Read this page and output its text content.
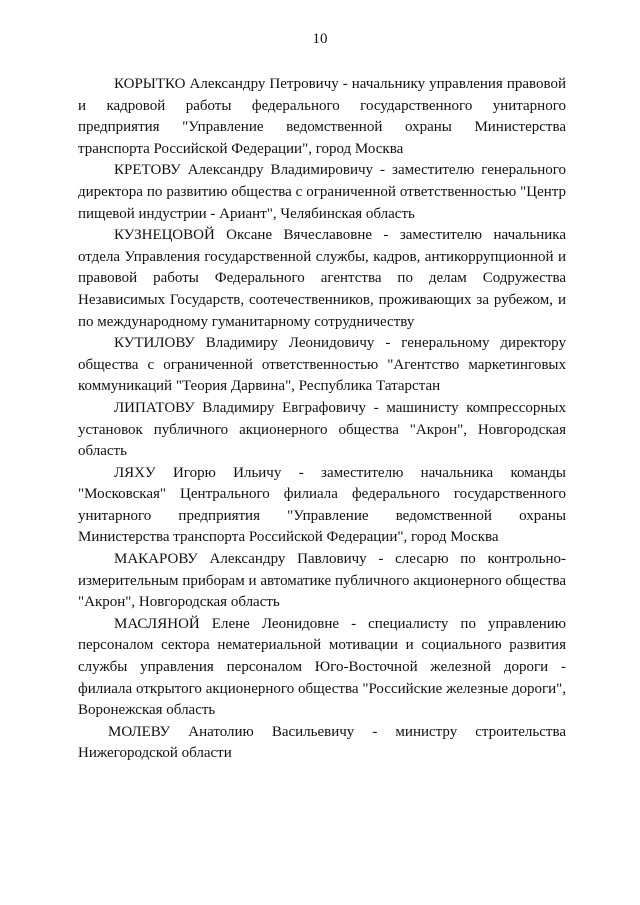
10

КОРЫТКО Александру Петровичу - начальнику управления правовой и кадровой работы федерального государственного унитарного предприятия "Управление ведомственной охраны Министерства транспорта Российской Федерации", город Москва

КРЕТОВУ Александру Владимировичу - заместителю генерального директора по развитию общества с ограниченной ответственностью "Центр пищевой индустрии - Ариант", Челябинская область

КУЗНЕЦОВОЙ Оксане Вячеславовне - заместителю начальника отдела Управления государственной службы, кадров, антикоррупционной и правовой работы Федерального агентства по делам Содружества Независимых Государств, соотечественников, проживающих за рубежом, и по международному гуманитарному сотрудничеству

КУТИЛОВУ Владимиру Леонидовичу - генеральному директору общества с ограниченной ответственностью "Агентство маркетинговых коммуникаций "Теория Дарвина", Республика Татарстан

ЛИПАТОВУ Владимиру Евграфовичу - машинисту компрессорных установок публичного акционерного общества "Акрон", Новгородская область

ЛЯХУ Игорю Ильичу - заместителю начальника команды "Московская" Центрального филиала федерального государственного унитарного предприятия "Управление ведомственной охраны Министерства транспорта Российской Федерации", город Москва

МАКАРОВУ Александру Павловичу - слесарю по контрольно-измерительным приборам и автоматике публичного акционерного общества "Акрон", Новгородская область

МАСЛЯНОЙ Елене Леонидовне - специалисту по управлению персоналом сектора нематериальной мотивации и социального развития службы управления персоналом Юго-Восточной железной дороги - филиала открытого акционерного общества "Российские железные дороги", Воронежская область

МОЛЕВУ Анатолию Васильевичу - министру строительства Нижегородской области
